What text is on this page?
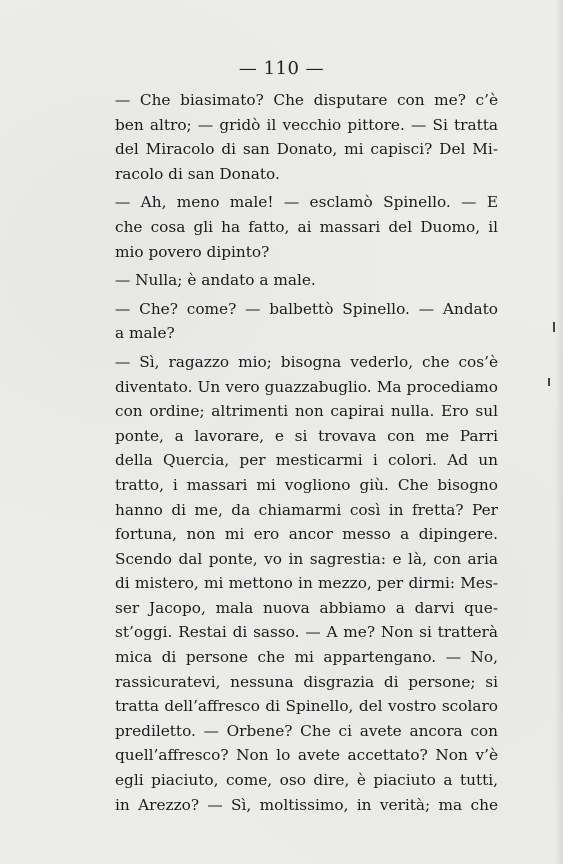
— 110 —
— Che biasimato? Che disputare con me? c’è
ben altro; — gridò il vecchio pittore. — Si tratta
del Miracolo di san Donato, mi capisci? Del Mi-
racolo di san Donato.
— Ah, meno male! — esclamò Spinello. — E
che cosa gli ha fatto, ai massari del Duomo, il
mio povero dipinto?
— Nulla; è andato a male.
— Che? come? — balbettò Spinello. — Andato
a male?
— Sì, ragazzo mio; bisogna vederlo, che cos’è
diventato. Un vero guazzabuglio. Ma procediamo
con ordine; altrimenti non capirai nulla. Ero sul
ponte, a lavorare, e si trovava con me Parri
della Quercia, per mesticarmi i colori. Ad un
tratto, i massari mi vogliono giù. Che bisogno
hanno di me, da chiamarmi così in fretta? Per
fortuna, non mi ero ancor messo a dipingere.
Scendo dal ponte, vo in sagrestia: e là, con aria
di mistero, mi mettono in mezzo, per dirmi: Mes-
ser Jacopo, mala nuova abbiamo a darvi que-
st’oggi. Restai di sasso. — A me? Non si tratterà
mica di persone che mi appartengano. — No,
rassicuratevi, nessuna disgrazia di persone; si
tratta dell’affresco di Spinello, del vostro scolaro
prediletto. — Orbene? Che ci avete ancora con
quell’affresco? Non lo avete accettato? Non v’è
egli piaciuto, come, oso dire, è piaciuto a tutti,
in Arezzo? — Sì, moltissimo, in verità; ma che
